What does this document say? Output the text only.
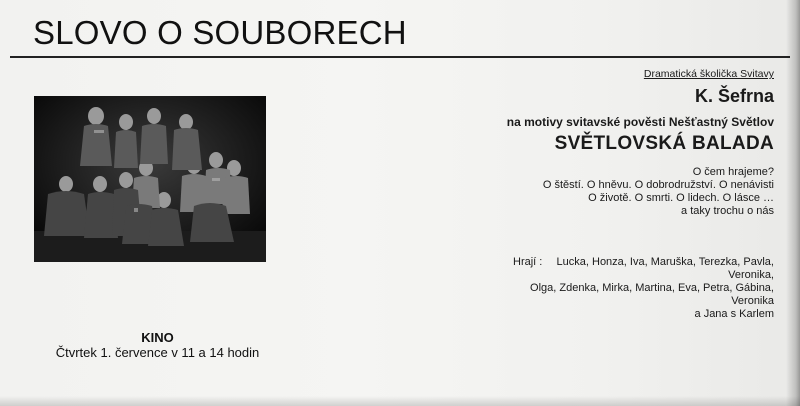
SLOVO O SOUBORECH
KINO
Čtvrtek 1. července v 11 a 14 hodin
Dramatická školička Svitavy
K. Šefrna
na motivy svitavské pověsti Nešťastný Světlov
SVĚTLOVSKÁ BALADA
O čem hrajeme?
O štěstí. O hněvu. O dobrodružství. O nenávisti
O životě. O smrti. O lidech. O lásce …
a taky trochu o nás
Hrají : Lucka, Honza, Iva, Maruška, Terezka, Pavla,
Veronika,
Olga, Zdenka, Mirka, Martina, Eva, Petra, Gábina,
Veronika
a Jana s Karlem
